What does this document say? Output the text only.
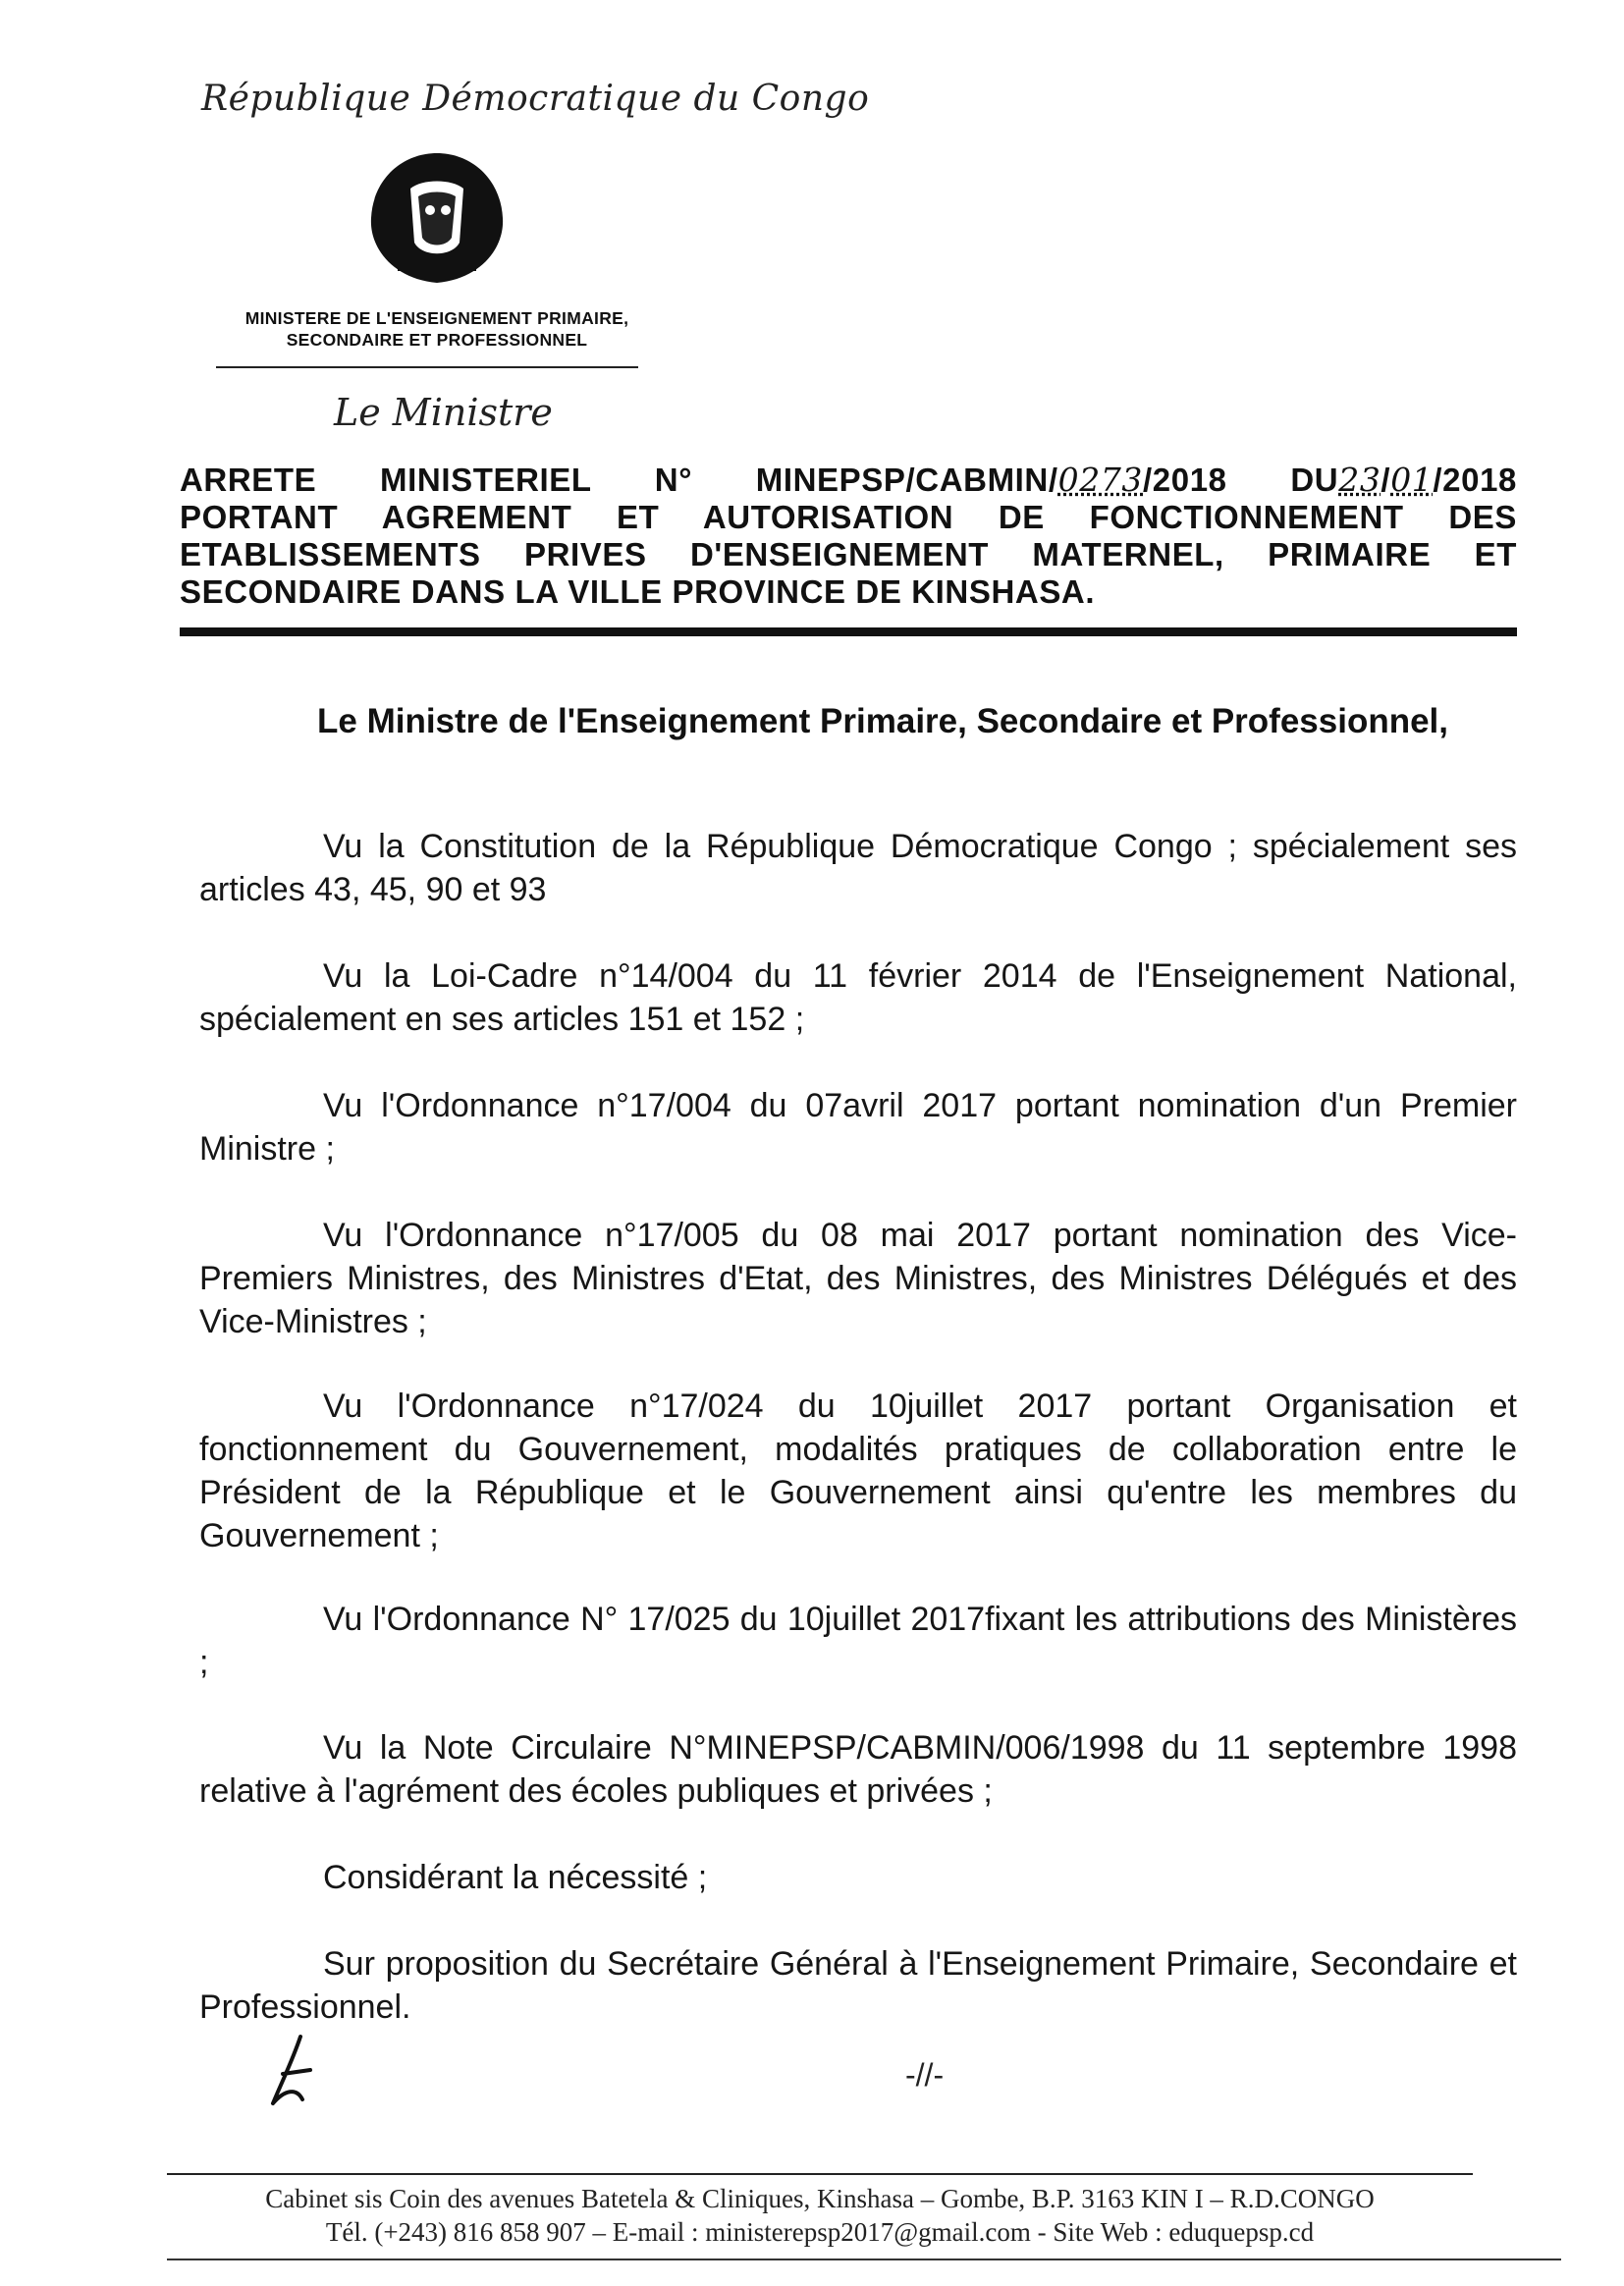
République Démocratique du Congo
MINISTERE DE L'ENSEIGNEMENT PRIMAIRE,
SECONDAIRE ET PROFESSIONNEL
Le Ministre
ARRETE MINISTERIEL N° MINEPSP/CABMIN/0273/2018 DU23/01/2018
PORTANT AGREMENT ET AUTORISATION DE FONCTIONNEMENT DES
ETABLISSEMENTS PRIVES D'ENSEIGNEMENT MATERNEL, PRIMAIRE ET
SECONDAIRE DANS LA VILLE PROVINCE DE KINSHASA.
Le Ministre de l'Enseignement Primaire, Secondaire et Professionnel,
Vu la Constitution de la République Démocratique Congo ; spécialement ses articles 43, 45, 90 et 93
Vu la Loi-Cadre n°14/004 du 11 février 2014 de l'Enseignement National, spécialement en ses articles 151 et 152 ;
Vu l'Ordonnance n°17/004 du 07avril 2017 portant nomination d'un Premier Ministre ;
Vu l'Ordonnance n°17/005 du 08 mai 2017 portant nomination des Vice-Premiers Ministres, des Ministres d'Etat, des Ministres, des Ministres Délégués et des Vice-Ministres ;
Vu l'Ordonnance n°17/024 du 10juillet 2017 portant Organisation et fonctionnement du Gouvernement, modalités pratiques de collaboration entre le Président de la République et le Gouvernement ainsi qu'entre les membres du Gouvernement ;
Vu l'Ordonnance N° 17/025 du 10juillet 2017fixant les attributions des Ministères ;
Vu la Note Circulaire N°MINEPSP/CABMIN/006/1998 du 11 septembre 1998 relative à l'agrément des écoles publiques et privées ;
Considérant la nécessité ;
Sur proposition du Secrétaire Général à l'Enseignement Primaire, Secondaire et Professionnel.
-//-
Cabinet sis Coin des avenues Batetela & Cliniques, Kinshasa – Gombe, B.P. 3163 KIN I – R.D.CONGO
Tél. (+243) 816 858 907 – E-mail : ministerepsp2017@gmail.com - Site Web : eduquepsp.cd
